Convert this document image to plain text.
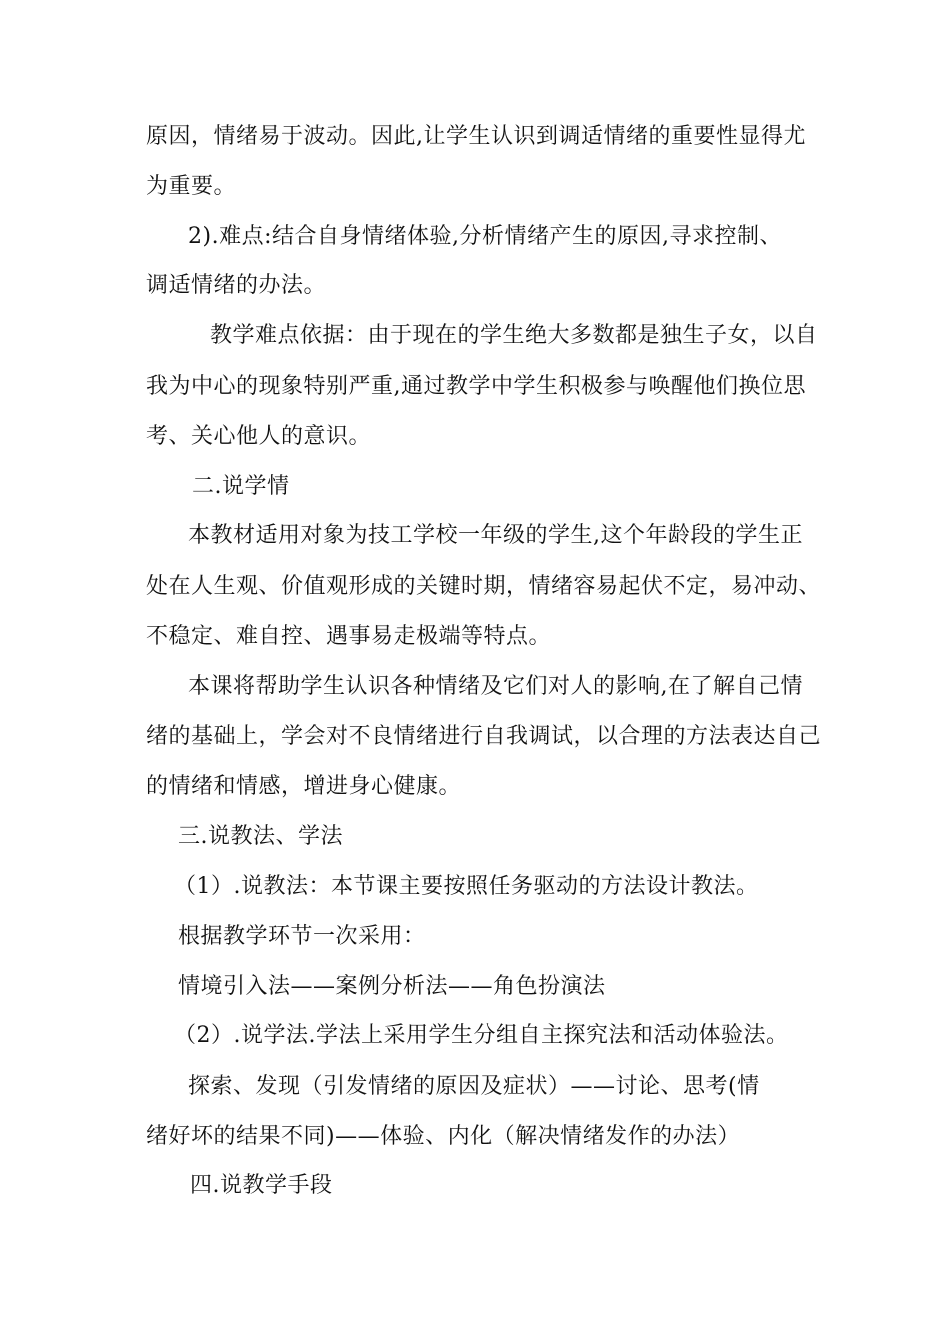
原因，情绪易于波动。因此,让学生认识到调适情绪的重要性显得尤
为重要。
2).难点:结合自身情绪体验,分析情绪产生的原因,寻求控制、
调适情绪的办法。
教学难点依据：由于现在的学生绝大多数都是独生子女，以自
我为中心的现象特别严重,通过教学中学生积极参与唤醒他们换位思
考、关心他人的意识。
二.说学情
本教材适用对象为技工学校一年级的学生,这个年龄段的学生正
处在人生观、价值观形成的关键时期，情绪容易起伏不定，易冲动、
不稳定、难自控、遇事易走极端等特点。
本课将帮助学生认识各种情绪及它们对人的影响,在了解自己情
绪的基础上，学会对不良情绪进行自我调试，以合理的方法表达自己
的情绪和情感，增进身心健康。
三.说教法、学法
（1）.说教法：本节课主要按照任务驱动的方法设计教法。
根据教学环节一次采用：
情境引入法——案例分析法——角色扮演法
（2）.说学法.学法上采用学生分组自主探究法和活动体验法。
探索、发现（引发情绪的原因及症状）——讨论、思考(情
绪好坏的结果不同)——体验、内化（解决情绪发作的办法）
四.说教学手段
